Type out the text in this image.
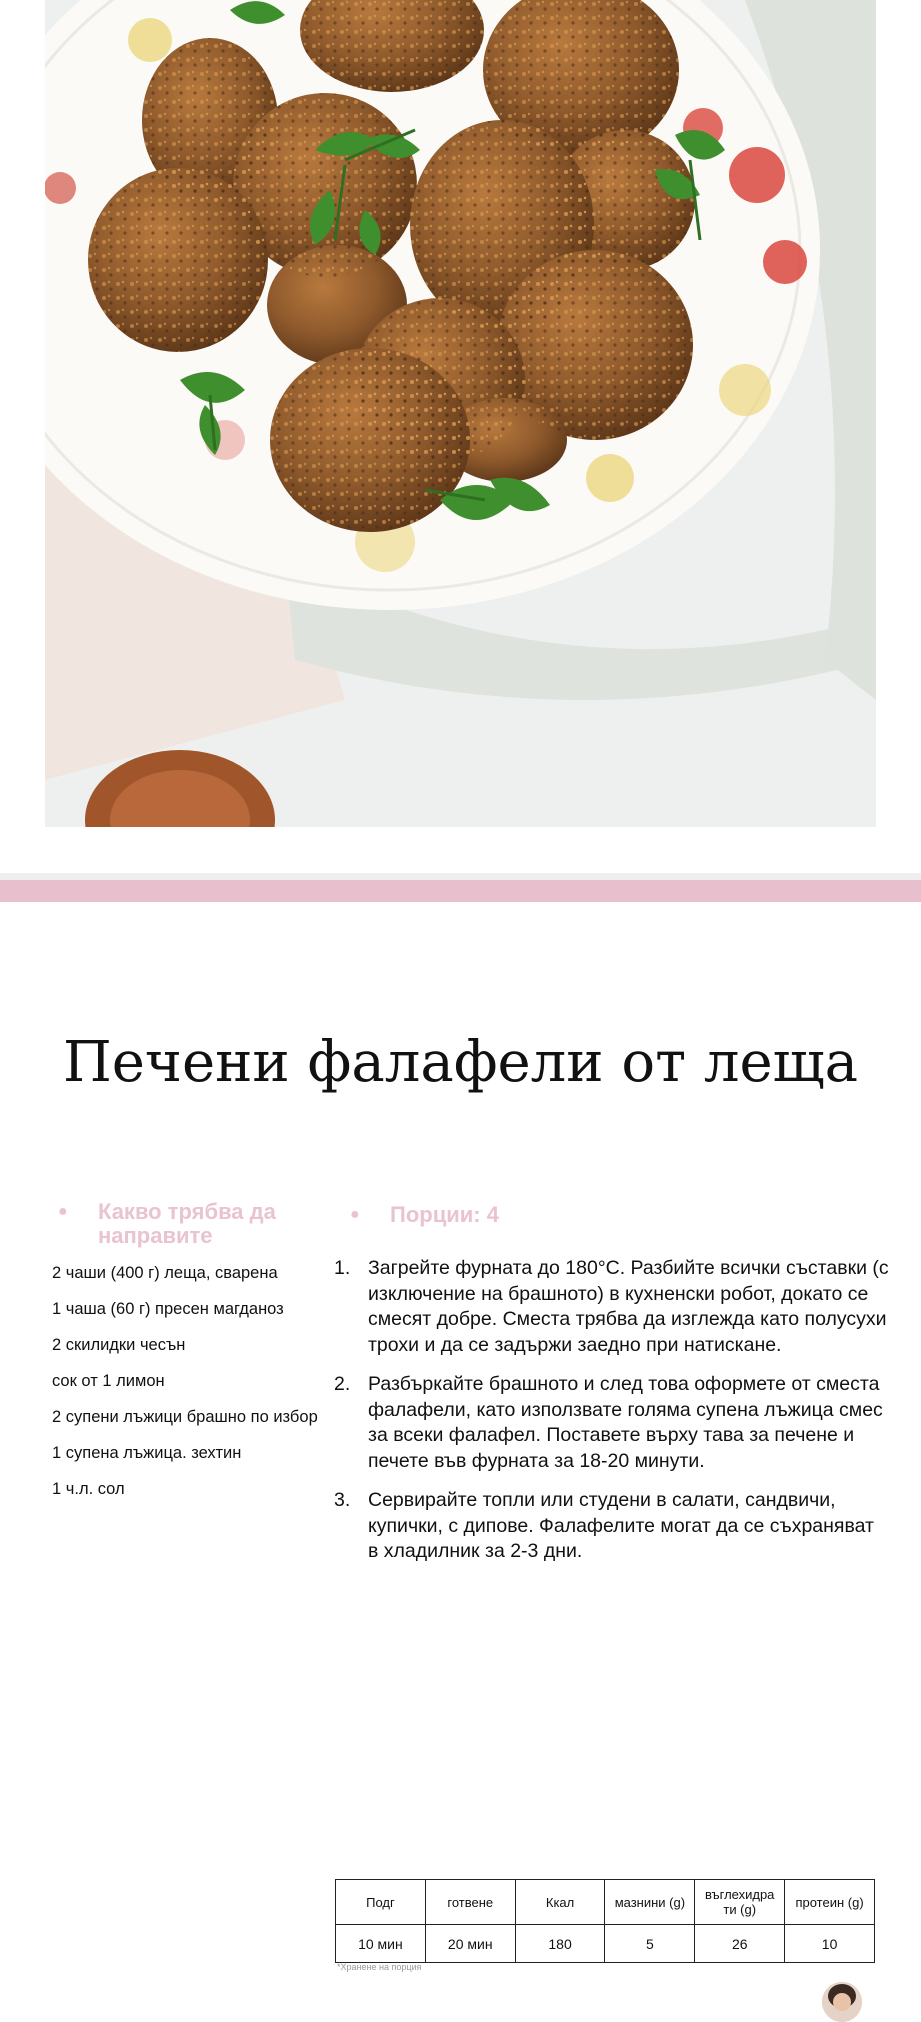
Печени фалафели от леща
●	Какво трябва да направите
2 чаши (400 г) леща, сварена
1 чаша (60 г) пресен магданоз
2 скилидки чесън
сок от 1 лимон
2 супени лъжици брашно по избор
1 супена лъжица. зехтин
1 ч.л. сол
●	Порции: 4
1. Загрейте фурната до 180°C. Разбийте всички съставки (с изключение на брашното) в кухненски робот, докато се смесят добре. Сместа трябва да изглежда като полусухи трохи и да се задържи заедно при натискане.
2. Разбъркайте брашното и след това оформете от сместа фалафели, като използвате голяма супена лъжица смес за всеки фалафел. Поставете върху тава за печене и печете във фурната за 18-20 минути.
3. Сервирайте топли или студени в салати, сандвичи, купички, с дипове. Фалафелите могат да се съхраняват в хладилник за 2-3 дни.
Подг	готвене	Ккал	мазнини (g)	въглехидра ти (g)	протеин (g)
10 мин	20 мин	180	5	26	10
*Хранене на порция
